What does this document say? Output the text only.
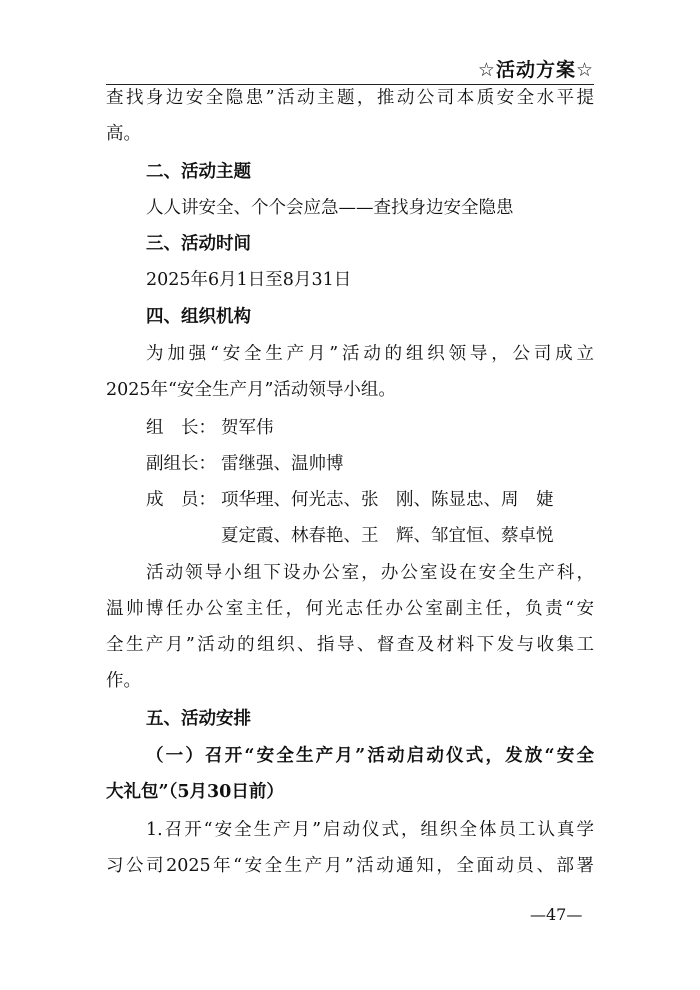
☆活动方案☆
查找身边安全隐患”活动主题，推动公司本质安全水平提
高。
二、活动主题
人人讲安全、个个会应急——查找身边安全隐患
三、活动时间
2025年6月1日至8月31日
四、组织机构
为加强“安全生产月”活动的组织领导，公司成立
2025年“安全生产月”活动领导小组。
组　长： 贺军伟
副组长： 雷继强、温帅博
成　员： 项华理、何光志、张　刚、陈显忠、周　婕
夏定霞、林春艳、王　辉、邹宜恒、蔡卓悦
活动领导小组下设办公室，办公室设在安全生产科，
温帅博任办公室主任，何光志任办公室副主任，负责“安
全生产月”活动的组织、指导、督查及材料下发与收集工
作。
五、活动安排
（一）召开“安全生产月”活动启动仪式，发放“安全
大礼包”（5月30日前）
1.召开“安全生产月”启动仪式，组织全体员工认真学
习公司2025年“安全生产月”活动通知，全面动员、部署
—47—
